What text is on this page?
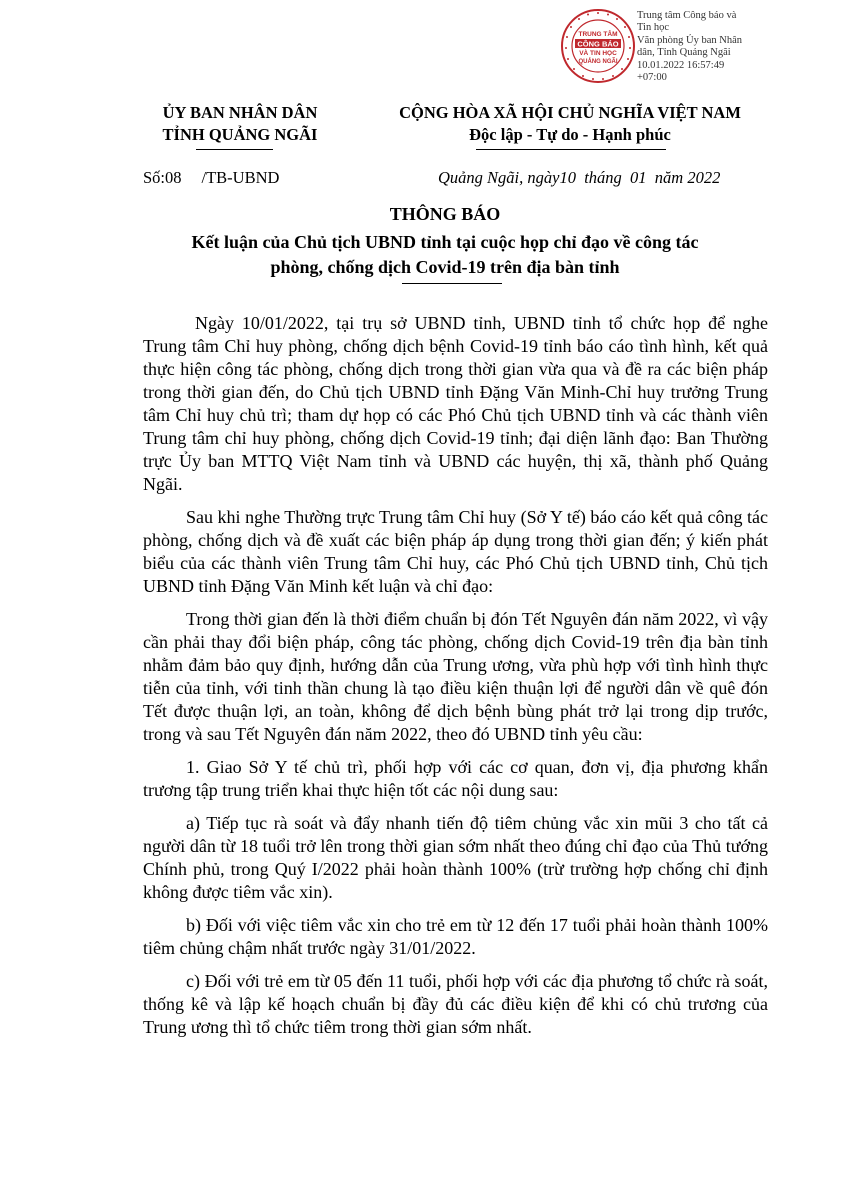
TRUNG TÂM
CÔNG BÁO
VÀ TIN HỌC
QUẢNG NGÃI
Trung tâm Công báo và
Tin học
Văn phòng Ủy ban Nhân
dân, Tỉnh Quảng Ngãi
10.01.2022 16:57:49
+07:00
ỦY BAN NHÂN DÂN
TỈNH QUẢNG NGÃI
CỘNG HÒA XÃ HỘI CHỦ NGHĨA VIỆT NAM
Độc lập - Tự do - Hạnh phúc
Số:08 /TB-UBND	Quảng Ngãi, ngày10  tháng  01  năm 2022
THÔNG BÁO
Kết luận của Chủ tịch UBND tỉnh tại cuộc họp chỉ đạo về công tác
phòng, chống dịch Covid-19 trên địa bàn tỉnh

Ngày 10/01/2022, tại trụ sở UBND tỉnh, UBND tỉnh tổ chức họp để nghe Trung tâm Chỉ huy phòng, chống dịch bệnh Covid-19 tỉnh báo cáo tình hình, kết quả thực hiện công tác phòng, chống dịch trong thời gian vừa qua và đề ra các biện pháp trong thời gian đến, do Chủ tịch UBND tỉnh Đặng Văn Minh-Chỉ huy trưởng Trung tâm Chỉ huy chủ trì; tham dự họp có các Phó Chủ tịch UBND tỉnh và các thành viên Trung tâm chỉ huy phòng, chống dịch Covid-19 tỉnh; đại diện lãnh đạo: Ban Thường trực Ủy ban MTTQ Việt Nam tỉnh và UBND các huyện, thị xã, thành phố Quảng Ngãi.

Sau khi nghe Thường trực Trung tâm Chỉ huy (Sở Y tế) báo cáo kết quả công tác phòng, chống dịch và đề xuất các biện pháp áp dụng trong thời gian đến; ý kiến phát biểu của các thành viên Trung tâm Chỉ huy, các Phó Chủ tịch UBND tỉnh, Chủ tịch UBND tỉnh Đặng Văn Minh kết luận và chỉ đạo:

Trong thời gian đến là thời điểm chuẩn bị đón Tết Nguyên đán năm 2022, vì vậy cần phải thay đổi biện pháp, công tác phòng, chống dịch Covid-19 trên địa bàn tỉnh nhằm đảm bảo quy định, hướng dẫn của Trung ương, vừa phù hợp với tình hình thực tiễn của tỉnh, với tinh thần chung là tạo điều kiện thuận lợi để người dân về quê đón Tết được thuận lợi, an toàn, không để dịch bệnh bùng phát trở lại trong dịp trước, trong và sau Tết Nguyên đán năm 2022, theo đó UBND tỉnh yêu cầu:

1. Giao Sở Y tế chủ trì, phối hợp với các cơ quan, đơn vị, địa phương khẩn trương tập trung triển khai thực hiện tốt các nội dung sau:

a) Tiếp tục rà soát và đẩy nhanh tiến độ tiêm chủng vắc xin mũi 3 cho tất cả người dân từ 18 tuổi trở lên trong thời gian sớm nhất theo đúng chỉ đạo của Thủ tướng Chính phủ, trong Quý I/2022 phải hoàn thành 100% (trừ trường hợp chống chỉ định không được tiêm vắc xin).

b) Đối với việc tiêm vắc xin cho trẻ em từ 12 đến 17 tuổi phải hoàn thành 100% tiêm chủng chậm nhất trước ngày 31/01/2022.

c) Đối với trẻ em từ 05 đến 11 tuổi, phối hợp với các địa phương tổ chức rà soát, thống kê và lập kế hoạch chuẩn bị đầy đủ các điều kiện để khi có chủ trương của Trung ương thì tổ chức tiêm trong thời gian sớm nhất.
